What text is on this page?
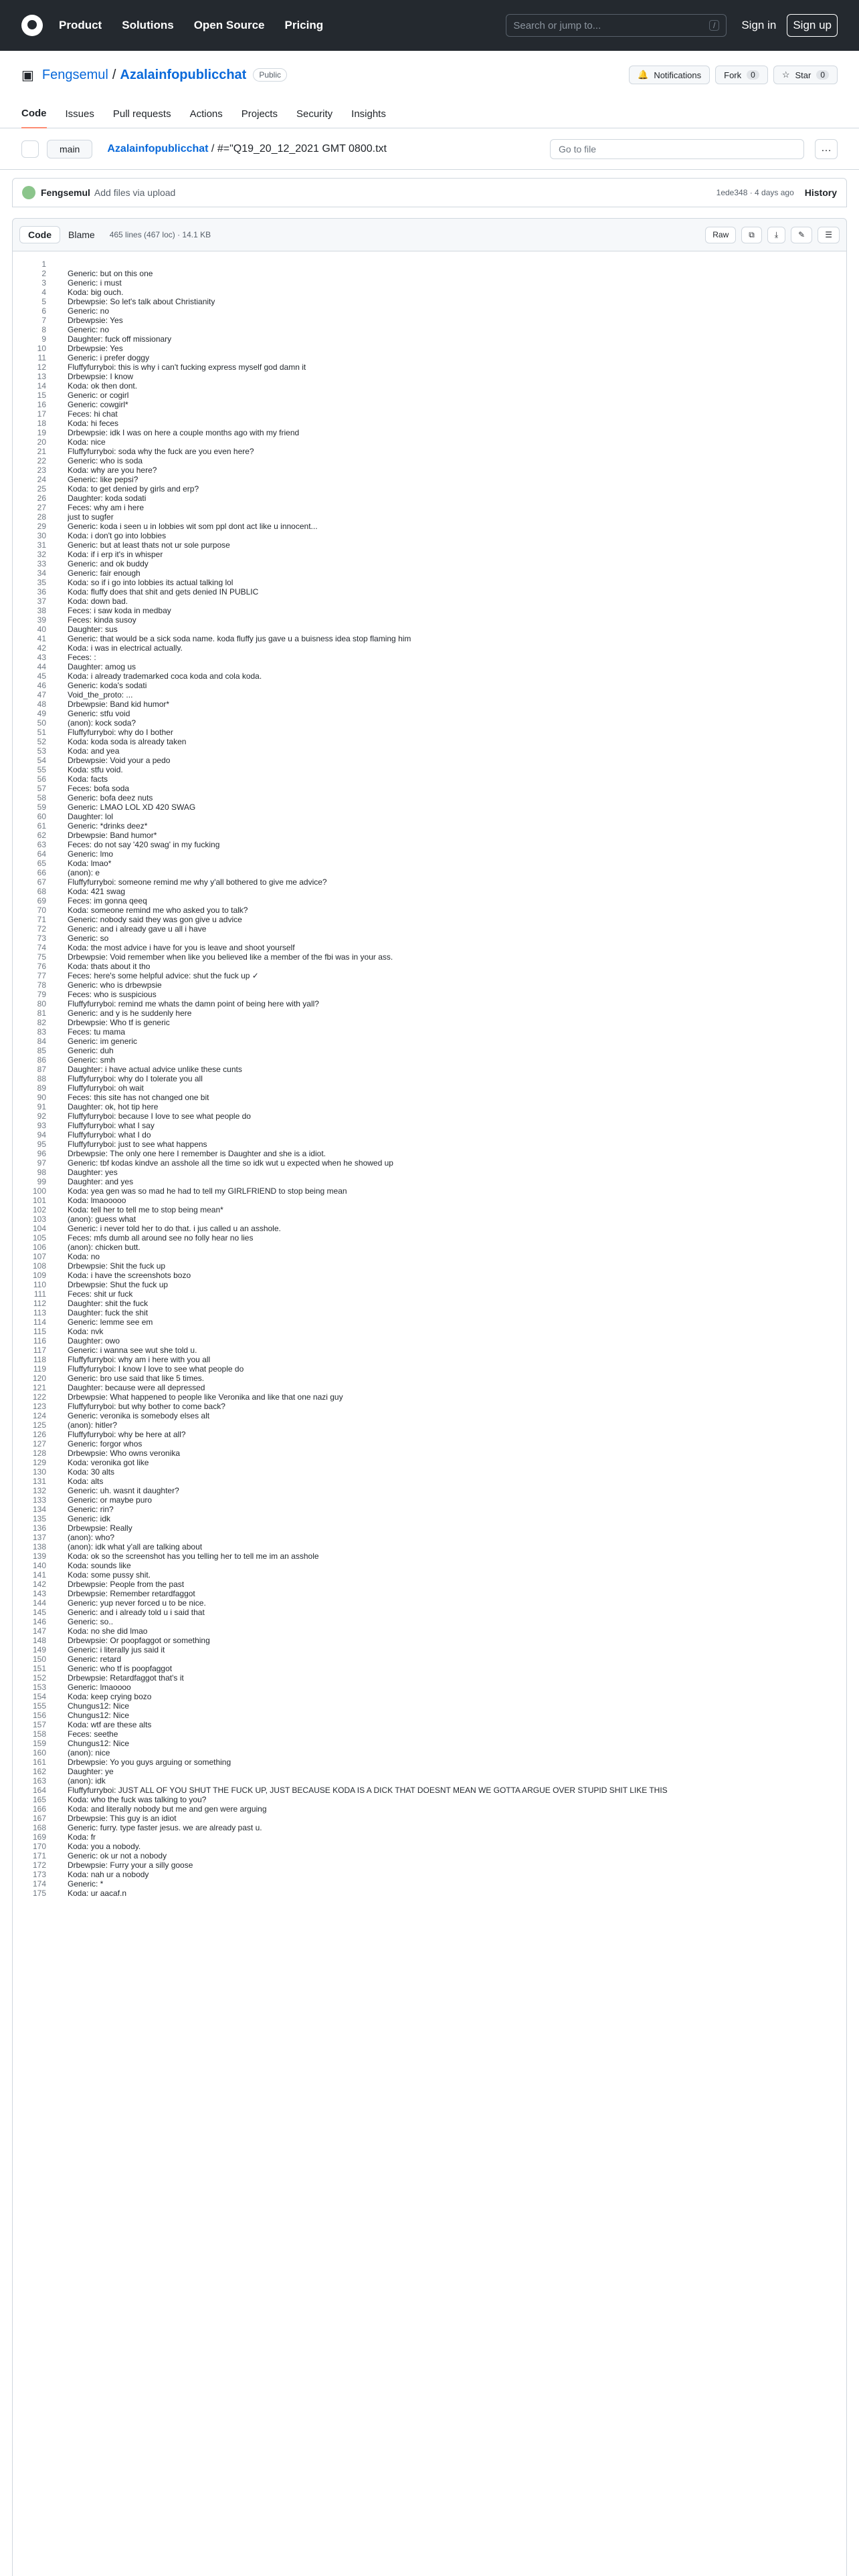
Product Solutions Open Source Pricing	Search or jump to...	/	Sign in	Sign up
▣ Fengsemul / Azalainfopublicchat	Public	🔔 Notifications	Fork	0	☆ Star	0
Code Issues Pull requests Actions Projects Security Insights
main	Azalainfopublicchat / #="Q19_20_12_2021 GMT 0800.txt	Go to file	…
Fengsemul Add files via upload	1ede348 · 4 days ago History
Code	Blame	465 lines (467 loc) · 14.1 KB	Raw	⧉	⤓	✎	☰
1
2	Generic: but on this one
3	Generic: i must
4	Koda: big ouch.
5	Drbewpsie: So let's talk about Christianity
6	Generic: no
7	Drbewpsie: Yes
8	Generic: no
9	Daughter: fuck off missionary
10	Drbewpsie: Yes
11	Generic: i prefer doggy
12	Fluffyfurryboi: this is why i can't fucking express myself god damn it
13	Drbewpsie: I know
14	Koda: ok then dont.
15	Generic: or cogirl
16	Generic: cowgirl*
17	Feces: hi chat
18	Koda: hi feces
19	Drbewpsie: idk I was on here a couple months ago with my friend
20	Koda: nice
21	Fluffyfurryboi: soda why the fuck are you even here?
22	Generic: who is soda
23	Koda: why are you here?
24	Generic: like pepsi?
25	Koda: to get denied by girls and erp?
26	Daughter: koda sodati
27	Feces: why am i here
28	just to sugfer
29	Generic: koda i seen u in lobbies wit som ppl dont act like u innocent...
30	Koda: i don't go into lobbies
31	Generic: but at least thats not ur sole purpose
32	Koda: if i erp it's in whisper
33	Generic: and ok buddy
34	Generic: fair enough
35	Koda: so if i go into lobbies its actual talking lol
36	Koda: fluffy does that shit and gets denied IN PUBLIC
37	Koda: down bad.
38	Feces: i saw koda in medbay
39	Feces: kinda susoy
40	Daughter: sus
41	Generic: that would be a sick soda name. koda fluffy jus gave u a buisness idea stop flaming him
42	Koda: i was in electrical actually.
43	Feces: :
44	Daughter: amog us
45	Koda: i already trademarked coca koda and cola koda.
46	Generic: koda's sodati
47	Void_the_proto: ...
48	Drbewpsie: Band kid humor*
49	Generic: stfu void
50	(anon): kock soda?
51	Fluffyfurryboi: why do I bother
52	Koda: koda soda is already taken
53	Koda: and yea
54	Drbewpsie: Void your a pedo
55	Koda: stfu void.
56	Koda: facts
57	Feces: bofa soda
58	Generic: bofa deez nuts
59	Generic: LMAO LOL XD 420 SWAG
60	Daughter: lol
61	Generic: *drinks deez*
62	Drbewpsie: Band humor*
63	Feces: do not say '420 swag' in my fucking
64	Generic: lmo
65	Koda: lmao*
66	(anon): e
67	Fluffyfurryboi: someone remind me why y'all bothered to give me advice?
68	Koda: 421 swag
69	Feces: im gonna qeeq
70	Koda: someone remind me who asked you to talk?
71	Generic: nobody said they was gon give u advice
72	Generic: and i already gave u all i have
73	Generic: so
74	Koda: the most advice i have for you is leave and shoot yourself
75	Drbewpsie: Void remember when like you believed like a member of the fbi was in your ass.
76	Koda: thats about it tho
77	Feces: here's some helpful advice: shut the fuck up ✓
78	Generic: who is drbewpsie
79	Feces: who is suspicious
80	Fluffyfurryboi: remind me whats the damn point of being here with yall?
81	Generic: and y is he suddenly here
82	Drbewpsie: Who tf is generic
83	Feces: tu mama
84	Generic: im generic
85	Generic: duh
86	Generic: smh
87	Daughter: i have actual advice unlike these cunts
88	Fluffyfurryboi: why do I tolerate you all
89	Fluffyfurryboi: oh wait
90	Feces: this site has not changed one bit
91	Daughter: ok, hot tip here
92	Fluffyfurryboi: because I love to see what people do
93	Fluffyfurryboi: what I say
94	Fluffyfurryboi: what I do
95	Fluffyfurryboi: just to see what happens
96	Drbewpsie: The only one here I remember is Daughter and she is a idiot.
97	Generic: tbf kodas kindve an asshole all the time so idk wut u expected when he showed up
98	Daughter: yes
99	Daughter: and yes
100	Koda: yea gen was so mad he had to tell my GIRLFRIEND to stop being mean
101	Koda: lmaooooo
102	Koda: tell her to tell me to stop being mean*
103	(anon): guess what
104	Generic: i never told her to do that. i jus called u an asshole.
105	Feces: mfs dumb all around see no folly hear no lies
106	(anon): chicken butt.
107	Koda: no
108	Drbewpsie: Shit the fuck up
109	Koda: i have the screenshots bozo
110	Drbewpsie: Shut the fuck up
111	Feces: shit ur fuck
112	Daughter: shit the fuck
113	Daughter: fuck the shit
114	Generic: lemme see em
115	Koda: nvk
116	Daughter: owo
117	Generic: i wanna see wut she told u.
118	Fluffyfurryboi: why am i here with you all
119	Fluffyfurryboi: I know I love to see what people do
120	Generic: bro use said that like 5 times.
121	Daughter: because were all depressed
122	Drbewpsie: What happened to people like Veronika and like that one nazi guy
123	Fluffyfurryboi: but why bother to come back?
124	Generic: veronika is somebody elses alt
125	(anon): hitler?
126	Fluffyfurryboi: why be here at all?
127	Generic: forgor whos
128	Drbewpsie: Who owns veronika
129	Koda: veronika got like
130	Koda: 30 alts
131	Koda: alts
132	Generic: uh. wasnt it daughter?
133	Generic: or maybe puro
134	Generic: rin?
135	Generic: idk
136	Drbewpsie: Really
137	(anon): who?
138	(anon): idk what y'all are talking about
139	Koda: ok so the screenshot has you telling her to tell me im an asshole
140	Koda: sounds like
141	Koda: some pussy shit.
142	Drbewpsie: People from the past
143	Drbewpsie: Remember retardfaggot
144	Generic: yup never forced u to be nice.
145	Generic: and i already told u i said that
146	Generic: so..
147	Koda: no she did lmao
148	Drbewpsie: Or poopfaggot or something
149	Generic: i literally jus said it
150	Generic: retard
151	Generic: who tf is poopfaggot
152	Drbewpsie: Retardfaggot that's it
153	Generic: lmaoooo
154	Koda: keep crying bozo
155	Chungus12: Nice
156	Chungus12: Nice
157	Koda: wtf are these alts
158	Feces: seethe
159	Chungus12: Nice
160	(anon): nice
161	Drbewpsie: Yo you guys arguing or something
162	Daughter: ye
163	(anon): idk
164	Fluffyfurryboi: JUST ALL OF YOU SHUT THE FUCK UP, JUST BECAUSE KODA IS A DICK THAT DOESNT MEAN WE GOTTA ARGUE OVER STUPID SHIT LIKE THIS
165	Koda: who the fuck was talking to you?
166	Koda: and literally nobody but me and gen were arguing
167	Drbewpsie: This guy is an idiot
168	Generic: furry. type faster jesus. we are already past u.
169	Koda: fr
170	Koda: you a nobody.
171	Generic: ok ur not a nobody
172	Drbewpsie: Furry your a silly goose
173	Koda: nah ur a nobody
174	Generic: *
175	Koda: ur aacaf.n
